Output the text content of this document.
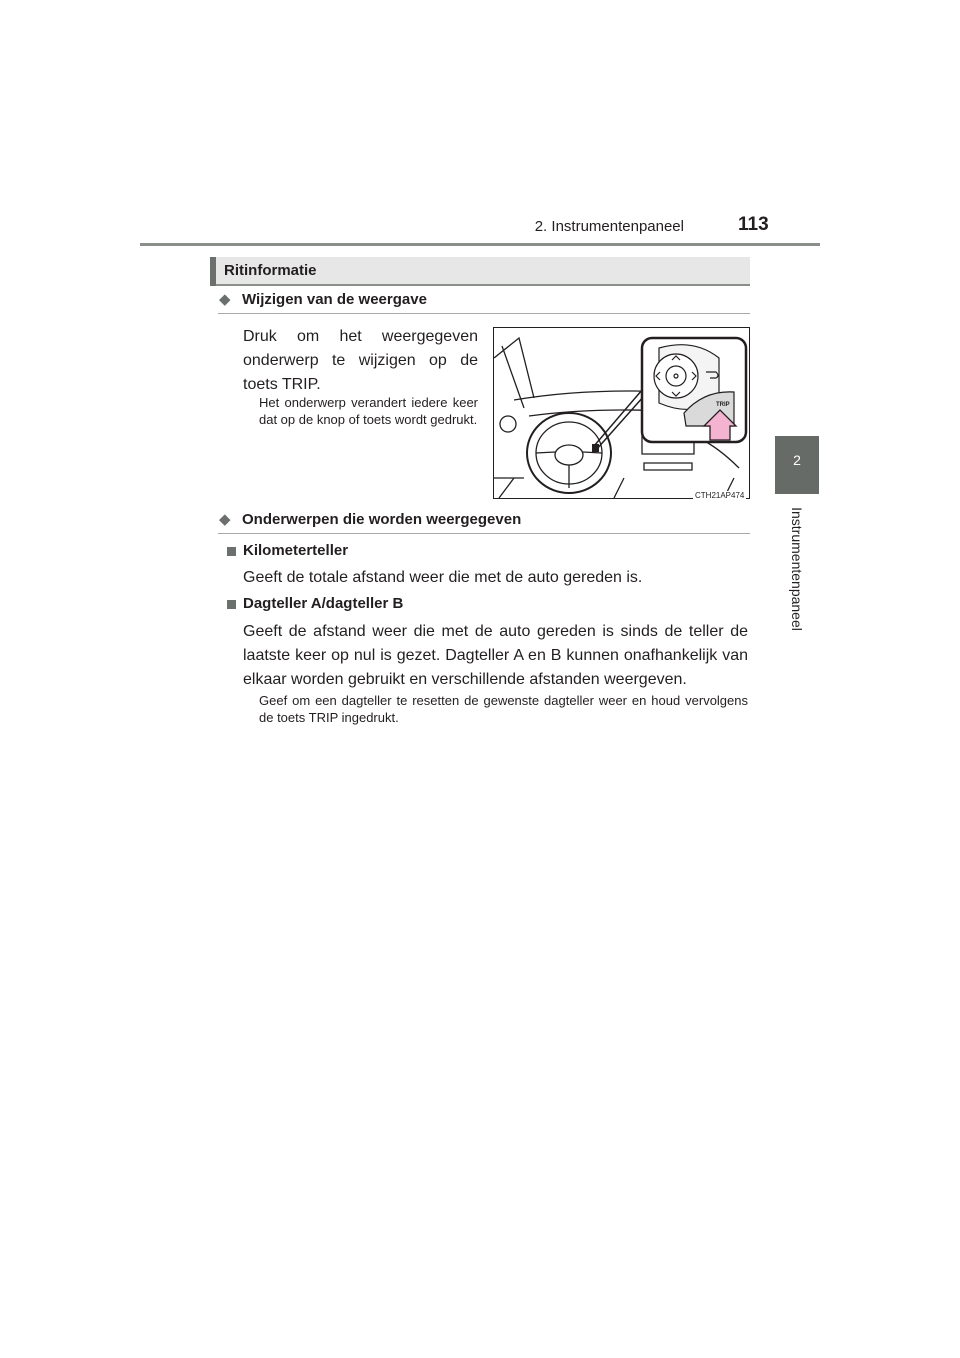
2. Instrumentenpaneel	113
2
Instrumentenpaneel
Ritinformatie
◆ Wijzigen van de weergave
Druk om het weergegeven onderwerp te wijzigen op de toets TRIP.
Het onderwerp verandert iedere keer dat op de knop of toets wordt gedrukt.
TRIP
CTH21AP474
◆ Onderwerpen die worden weergegeven
Kilometerteller
Geeft de totale afstand weer die met de auto gereden is.
Dagteller A/dagteller B
Geeft de afstand weer die met de auto gereden is sinds de teller de laatste keer op nul is gezet. Dagteller A en B kunnen onafhankelijk van elkaar worden gebruikt en verschillende afstanden weergeven.
Geef om een dagteller te resetten de gewenste dagteller weer en houd vervolgens de toets TRIP ingedrukt.
